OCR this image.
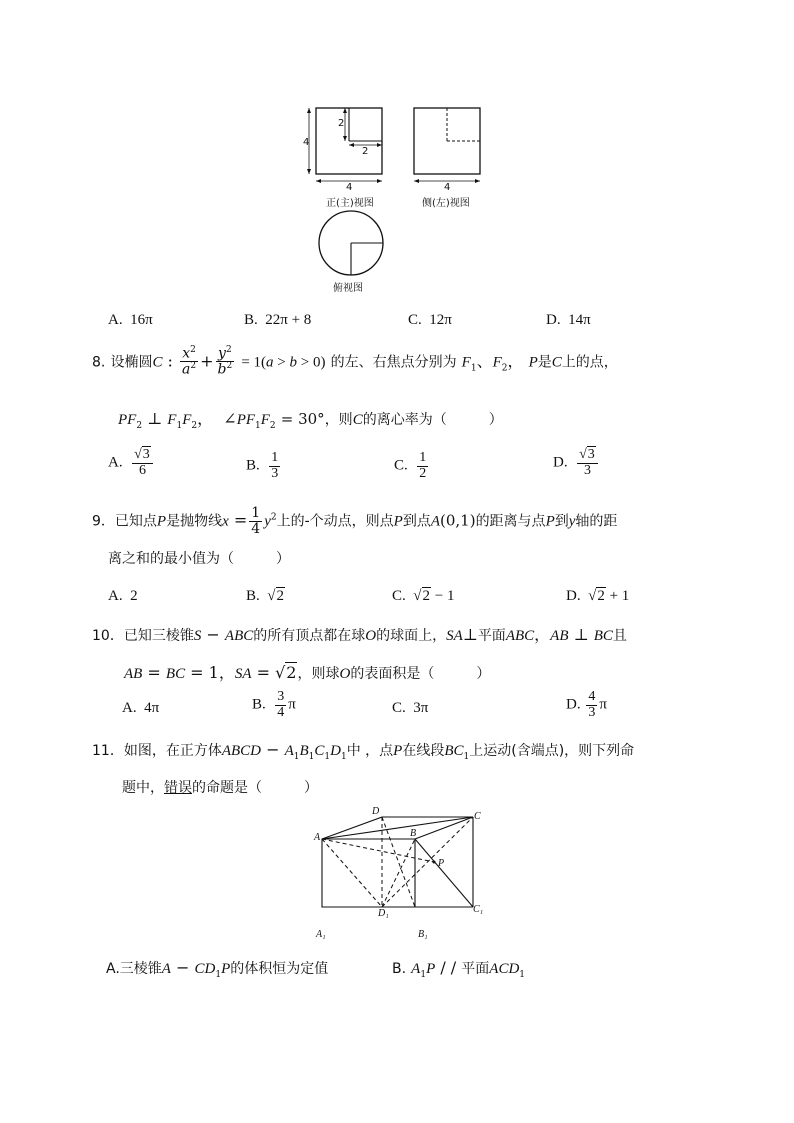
4
2
2
4	4
正(主)视图	侧(左)视图
俯视图
A. 16π	B. 22π + 8	C. 12π	D. 14π
8. 设椭圆C : $\frac{x^2}{a^2} + \frac{y^2}{b^2} = 1(a > b > 0)$ 的左、右焦点分别为 $F_1$、$F_2$， P是C上的点，
$PF_2$ ⊥ $F_1F_2$，  $\angle PF_1F_2 = 30^\circ$，则C的离心率为（　　　）
A. $\frac{√3}{6}$	B. $\frac{1}{3}$	C. $\frac{1}{2}$	D. $\frac{√3}{3}$
9．已知点P是抛物线$x = \frac{1}{4} y^2$上的-个动点，则点P到点A(0,1)的距离与点P到y轴的距
离之和的最小值为（　　　）
A. 2	B.  √2	C.  √2 − 1	D.  √2 + 1
10．已知三棱锥S − ABC的所有顶点都在球O的球面上，SA⊥平面ABC，AB ⊥ BC且
AB = BC = 1，SA = √2，则球O的表面积是（　　　）
A. 4π	B. $\frac{3}{4}$ π	C. 3π	D. $\frac{4}{3}$ π
11．如图，在正方体ABCD − $A_1B_1C_1D_1$中 ，点P在线段$BC_1$上运动(含端点)，则下列命
题中，错误的命题是（　　　）
A
D
B
C
P
D₁	C₁
A₁	B₁
A.三棱锥$A - CD_1P$的体积恒为定值	B. $A_1P$ / / 平面$ACD_1$
